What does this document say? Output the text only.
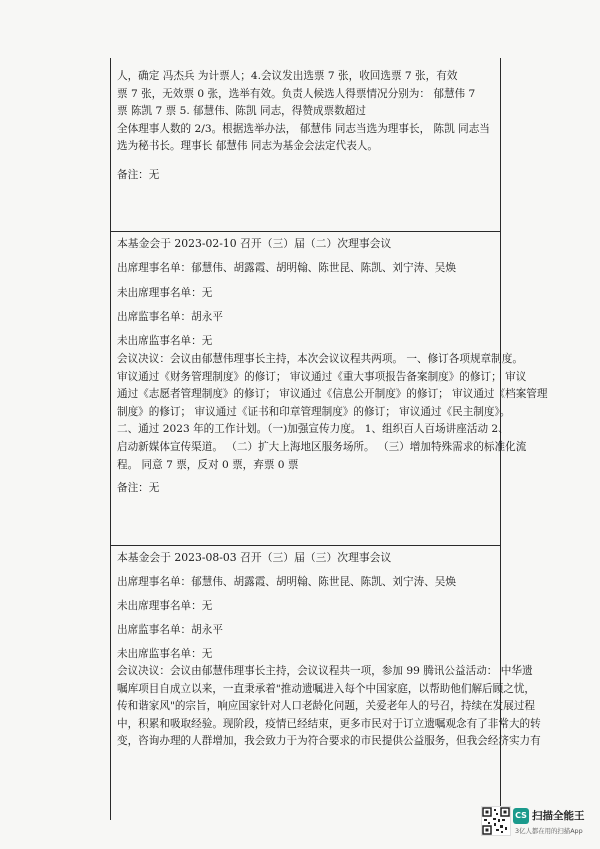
人，确定 冯杰兵 为计票人；4.会议发出选票 7 张，收回选票 7 张，有效
票 7 张，无效票 0 张，选举有效。负责人候选人得票情况分别为： 郁慧伟 7
票 陈凯 7 票 5. 郁慧伟、陈凯 同志，得赞成票数超过
全体理事人数的 2/3。根据选举办法， 郁慧伟 同志当选为理事长， 陈凯 同志当
选为秘书长。理事长 郁慧伟 同志为基金会法定代表人。
备注：无
本基金会于 2023-02-10 召开（三）届（二）次理事会议
出席理事名单：郁慧伟、胡露霞、胡明翰、陈世昆、陈凯、刘宁涛、吴焕
未出席理事名单：无
出席监事名单：胡永平
未出席监事名单：无
会议决议：会议由郁慧伟理事长主持，本次会议议程共两项。 一、修订各项规章制度。
审议通过《财务管理制度》的修订； 审议通过《重大事项报告备案制度》的修订； 审议
通过《志愿者管理制度》的修订； 审议通过《信息公开制度》的修订； 审议通过《档案管理
制度》的修订； 审议通过《证书和印章管理制度》的修订； 审议通过《民主制度》。
二、通过 2023 年的工作计划。（一)加强宣传力度。 1、组织百人百场讲座活动 2、
启动新媒体宣传渠道。 （二）扩大上海地区服务场所。 （三）增加特殊需求的标准化流
程。 同意 7 票，反对 0 票，弃票 0 票
备注：无
本基金会于 2023-08-03 召开（三）届（三）次理事会议
出席理事名单：郁慧伟、胡露霞、胡明翰、陈世昆、陈凯、刘宁涛、吴焕
未出席理事名单：无
出席监事名单：胡永平
未出席监事名单：无
会议决议：会议由郁慧伟理事长主持，会议议程共一项，参加 99 腾讯公益活动： 中华遗
嘱库项目自成立以来，一直秉承着"推动遗嘱进入每个中国家庭，以帮助他们解后顾之忧，
传和谐家风"的宗旨，响应国家针对人口老龄化问题，关爱老年人的号召，持续在发展过程
中，积累和吸取经验。现阶段，疫情已经结束，更多市民对于订立遗嘱观念有了非常大的转
变，咨询办理的人群增加，我会致力于为符合要求的市民提供公益服务，但我会经济实力有
CS 扫描全能王
3亿人都在用的扫描App
